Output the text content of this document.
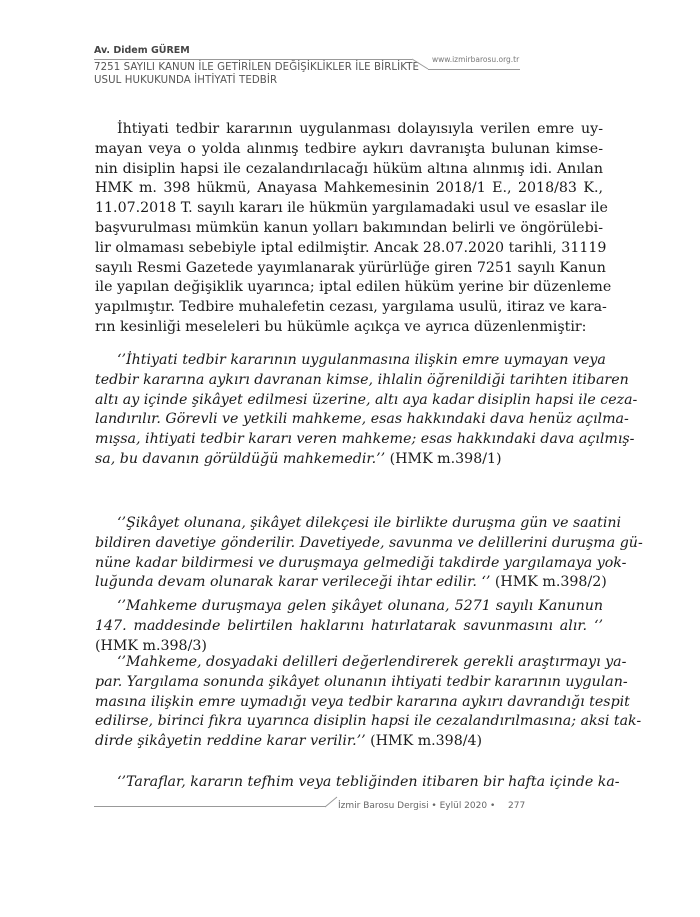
Av. Didem GÜREM
7251 SAYILI KANUN İLE GETİRİLEN DEĞİŞİKLİKLER İLE BİRLİKTE
USUL HUKUKUNDA İHTİYATİ TEDBİR
www.izmirbarosu.org.tr
İhtiyati tedbir kararının uygulanması dolayısıyla verilen emre uy-
mayan veya o yolda alınmış tedbire aykırı davranışta bulunan kimse-
nin disiplin hapsi ile cezalandırılacağı hüküm altına alınmış idi. Anılan
HMK m. 398 hükmü, Anayasa Mahkemesinin 2018/1 E., 2018/83 K.,
11.07.2018 T. sayılı kararı ile hükmün yargılamadaki usul ve esaslar ile
başvurulması mümkün kanun yolları bakımından belirli ve öngörülebi-
lir olmaması sebebiyle iptal edilmiştir. Ancak 28.07.2020 tarihli, 31119
sayılı Resmi Gazetede yayımlanarak yürürlüğe giren 7251 sayılı Kanun
ile yapılan değişiklik uyarınca; iptal edilen hüküm yerine bir düzenleme
yapılmıştır. Tedbire muhalefetin cezası, yargılama usulü, itiraz ve kara-
rın kesinliği meseleleri bu hükümle açıkça ve ayrıca düzenlenmiştir:
‘’İhtiyati tedbir kararının uygulanmasına ilişkin emre uymayan veya
tedbir kararına aykırı davranan kimse, ihlalin öğrenildiği tarihten itibaren
altı ay içinde şikâyet edilmesi üzerine, altı aya kadar disiplin hapsi ile ceza-
landırılır. Görevli ve yetkili mahkeme, esas hakkındaki dava henüz açılma-
mışsa, ihtiyati tedbir kararı veren mahkeme; esas hakkındaki dava açılmış-
sa, bu davanın görüldüğü mahkemedir.’’ (HMK m.398/1)
‘’Şikâyet olunana, şikâyet dilekçesi ile birlikte duruşma gün ve saatini
bildiren davetiye gönderilir. Davetiyede, savunma ve delillerini duruşma gü-
nüne kadar bildirmesi ve duruşmaya gelmediği takdirde yargılamaya yok-
luğunda devam olunarak karar verileceği ihtar edilir. ‘’ (HMK m.398/2)
‘’Mahkeme duruşmaya gelen şikâyet olunana, 5271 sayılı Kanunun
147. maddesinde belirtilen haklarını hatırlatarak savunmasını alır. ‘’
(HMK m.398/3)
‘’Mahkeme, dosyadaki delilleri değerlendirerek gerekli araştırmayı ya-
par. Yargılama sonunda şikâyet olunanın ihtiyati tedbir kararının uygulan-
masına ilişkin emre uymadığı veya tedbir kararına aykırı davrandığı tespit
edilirse, birinci fıkra uyarınca disiplin hapsi ile cezalandırılmasına; aksi tak-
dirde şikâyetin reddine karar verilir.’’ (HMK m.398/4)
‘’Taraflar, kararın tefhim veya tebliğinden itibaren bir hafta içinde ka-
İzmir Barosu Dergisi • Eylül 2020 • 277
